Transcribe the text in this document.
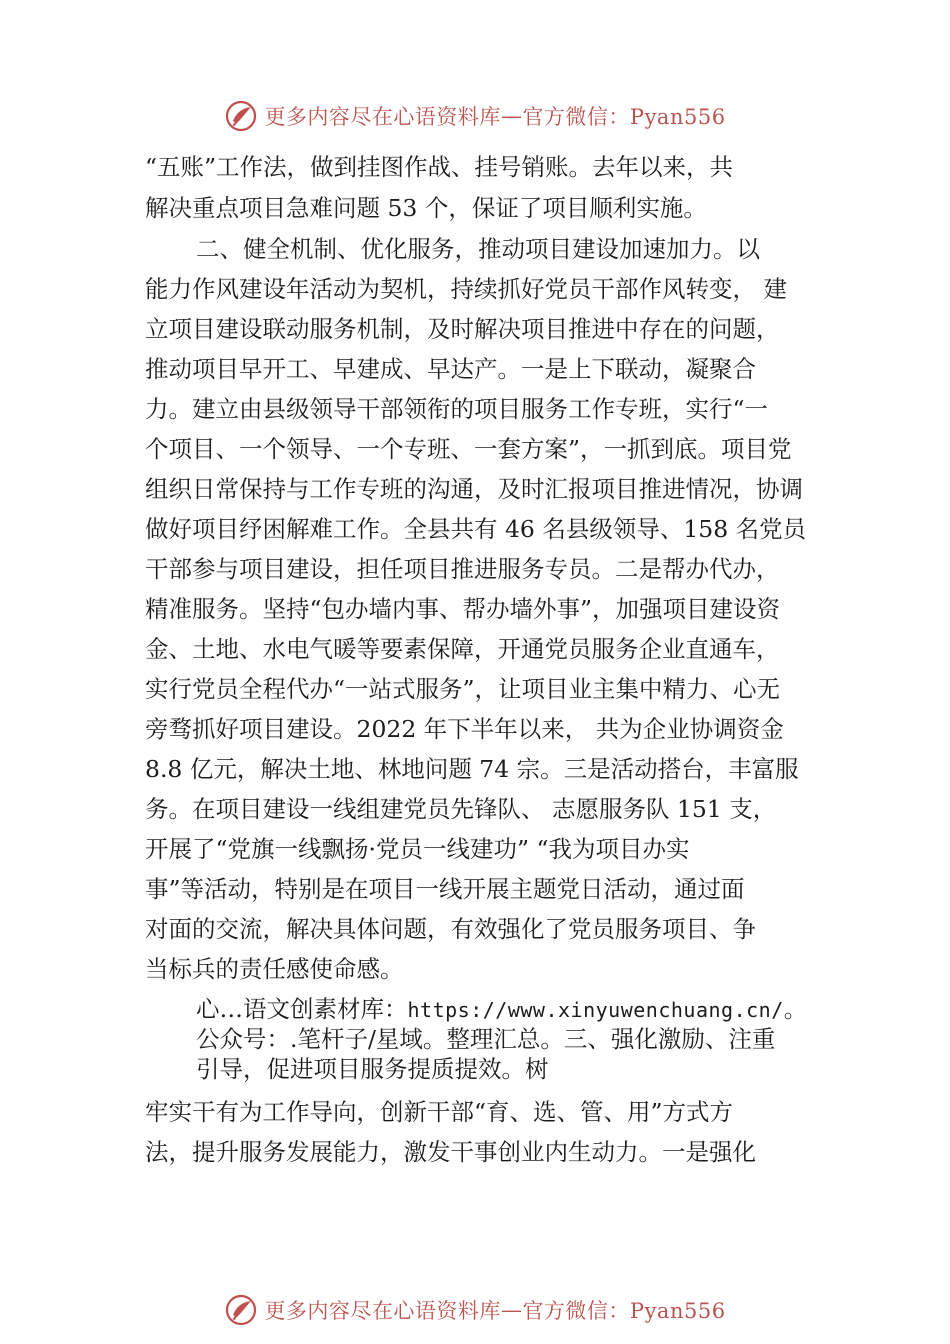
更多内容尽在心语资料库 — 官方微信：Pyan556
“五账”工作法，做到挂图作战、挂号销账。去年以来，共
解决重点项目急难问题 53 个，保证了项目顺利实施。
二、健全机制、优化服务，推动项目建设加速加力。以
能力作风建设年活动为契机，持续抓好党员干部作风转变， 建
立项目建设联动服务机制，及时解决项目推进中存在的问题，
推动项目早开工、早建成、早达产。一是上下联动，凝聚合
力。建立由县级领导干部领衔的项目服务工作专班，实行“一
个项目、一个领导、一个专班、一套方案”，一抓到底。项目党
组织日常保持与工作专班的沟通，及时汇报项目推进情况，协调
做好项目纾困解难工作。全县共有 46 名县级领导、158 名党员
干部参与项目建设，担任项目推进服务专员。二是帮办代办，
精准服务。坚持“包办墙内事、帮办墙外事”，加强项目建设资
金、土地、水电气暖等要素保障，开通党员服务企业直通车，
实行党员全程代办“一站式服务”，让项目业主集中精力、心无
旁骛抓好项目建设。2022 年下半年以来， 共为企业协调资金
8.8 亿元，解决土地、林地问题 74 宗。三是活动搭台，丰富服
务。在项目建设一线组建党员先锋队、 志愿服务队 151 支，
开展了“党旗一线飘扬·党员一线建功” “我为项目办实
事”等活动，特别是在项目一线开展主题党日活动，通过面
对面的交流，解决具体问题，有效强化了党员服务项目、争
当标兵的责任感使命感。
心…语文创素材库：https://www.xinyuwenchuang.cn/。
公众号：.笔杆子/星域。整理汇总。三、强化激励、注重
引导，促进项目服务提质提效。树
牢实干有为工作导向，创新干部“育、选、管、用”方式方
法，提升服务发展能力，激发干事创业内生动力。一是强化
更多内容尽在心语资料库 — 官方微信：Pyan556
